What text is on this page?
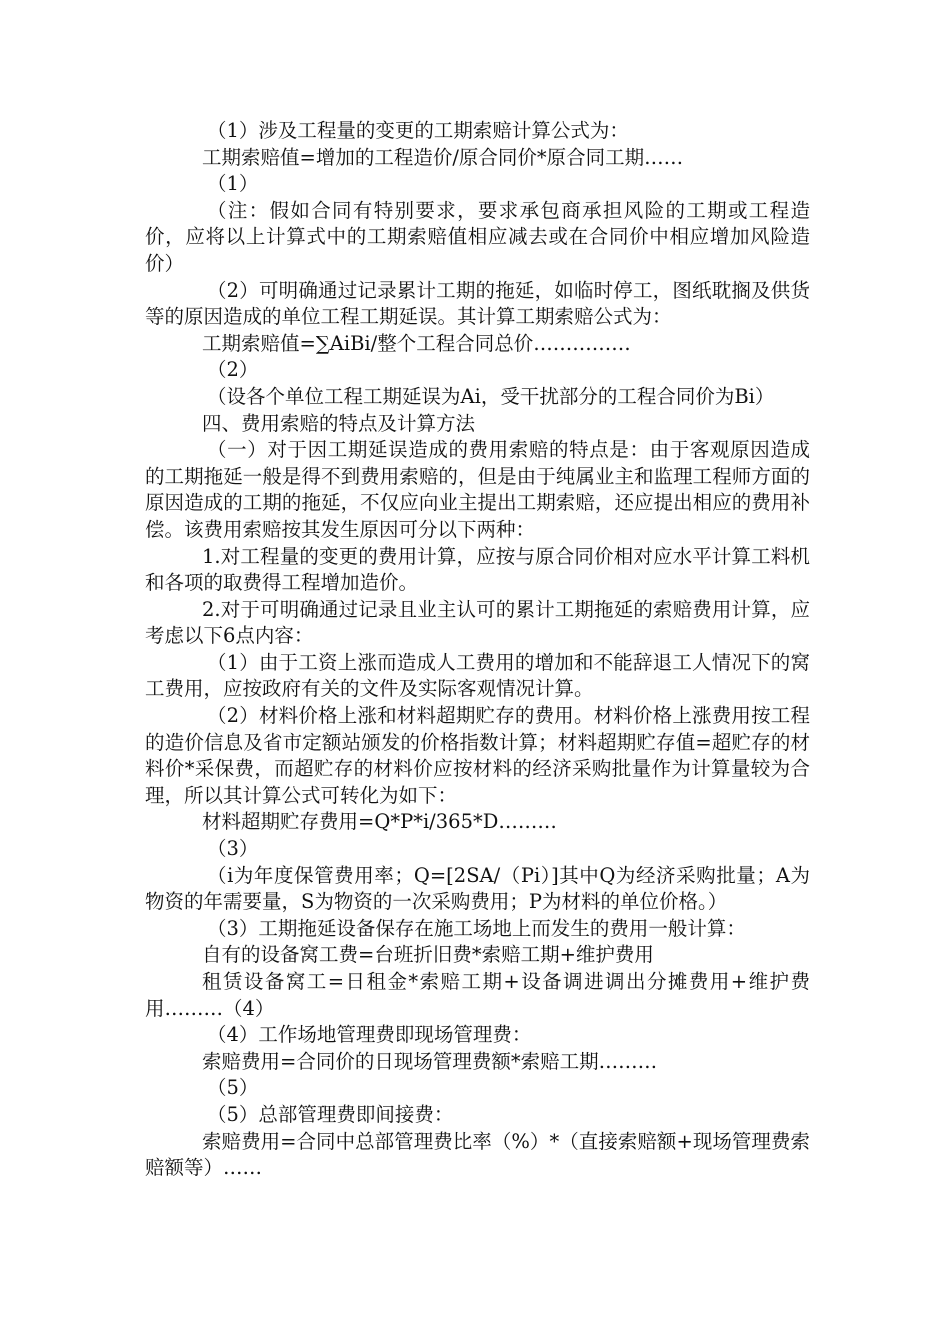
（1）涉及工程量的变更的工期索赔计算公式为：

工期索赔值=增加的工程造价/原合同价*原合同工期……

（1）

（注：假如合同有特别要求，要求承包商承担风险的工期或工程造价，应将以上计算式中的工期索赔值相应减去或在合同价中相应增加风险造价）

（2）可明确通过记录累计工期的拖延，如临时停工，图纸耽搁及供货等的原因造成的单位工程工期延误。其计算工期索赔公式为：

工期索赔值=∑AiBi/整个工程合同总价……………

（2）

（设各个单位工程工期延误为Ai，受干扰部分的工程合同价为Bi）

四、费用索赔的特点及计算方法

（一）对于因工期延误造成的费用索赔的特点是：由于客观原因造成的工期拖延一般是得不到费用索赔的，但是由于纯属业主和监理工程师方面的原因造成的工期的拖延，不仅应向业主提出工期索赔，还应提出相应的费用补偿。该费用索赔按其发生原因可分以下两种：

1.对工程量的变更的费用计算，应按与原合同价相对应水平计算工料机和各项的取费得工程增加造价。

2.对于可明确通过记录且业主认可的累计工期拖延的索赔费用计算，应考虑以下6点内容：

（1）由于工资上涨而造成人工费用的增加和不能辞退工人情况下的窝工费用，应按政府有关的文件及实际客观情况计算。

（2）材料价格上涨和材料超期贮存的费用。材料价格上涨费用按工程的造价信息及省市定额站颁发的价格指数计算；材料超期贮存值=超贮存的材料价*采保费，而超贮存的材料价应按材料的经济采购批量作为计算量较为合理，所以其计算公式可转化为如下：

材料超期贮存费用=Q*P*i/365*D………

（3）

（i为年度保管费用率；Q=[2SA/（Pi）]其中Q为经济采购批量；A为物资的年需要量，S为物资的一次采购费用；P为材料的单位价格。）

（3）工期拖延设备保存在施工场地上而发生的费用一般计算：

自有的设备窝工费=台班折旧费*索赔工期+维护费用

租赁设备窝工=日租金*索赔工期+设备调进调出分摊费用+维护费用………（4）

（4）工作场地管理费即现场管理费：

索赔费用=合同价的日现场管理费额*索赔工期………

（5）

（5）总部管理费即间接费：

索赔费用=合同中总部管理费比率（%）*（直接索赔额+现场管理费索赔额等）……
